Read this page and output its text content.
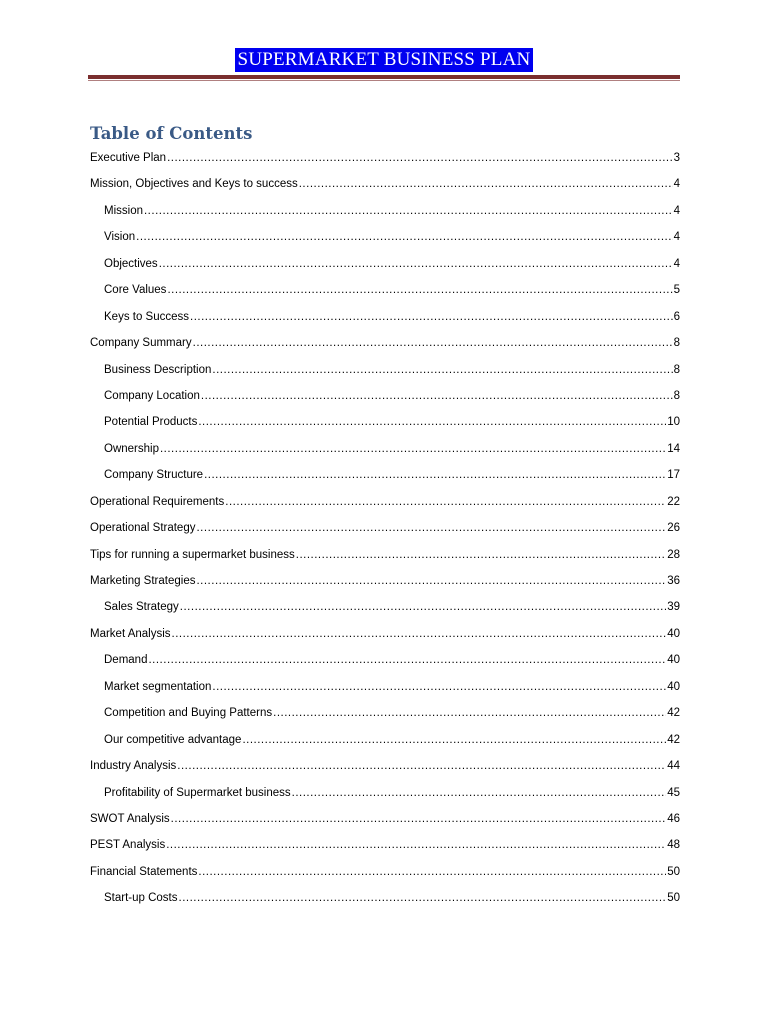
SUPERMARKET BUSINESS PLAN
Table of Contents
Executive Plan .....	3
Mission, Objectives and Keys to success .....	4
Mission .....	4
Vision .....	4
Objectives .....	4
Core Values .....	5
Keys to Success .....	6
Company Summary .....	8
Business Description .....	8
Company Location .....	8
Potential Products .....	10
Ownership .....	14
Company Structure .....	17
Operational Requirements .....	22
Operational Strategy .....	26
Tips for running a supermarket business .....	28
Marketing Strategies .....	36
Sales Strategy .....	39
Market Analysis .....	40
Demand .....	40
Market segmentation .....	40
Competition and Buying Patterns .....	42
Our competitive advantage .....	42
Industry Analysis .....	44
Profitability of Supermarket business .....	45
SWOT Analysis .....	46
PEST Analysis .....	48
Financial Statements .....	50
Start-up Costs .....	50
